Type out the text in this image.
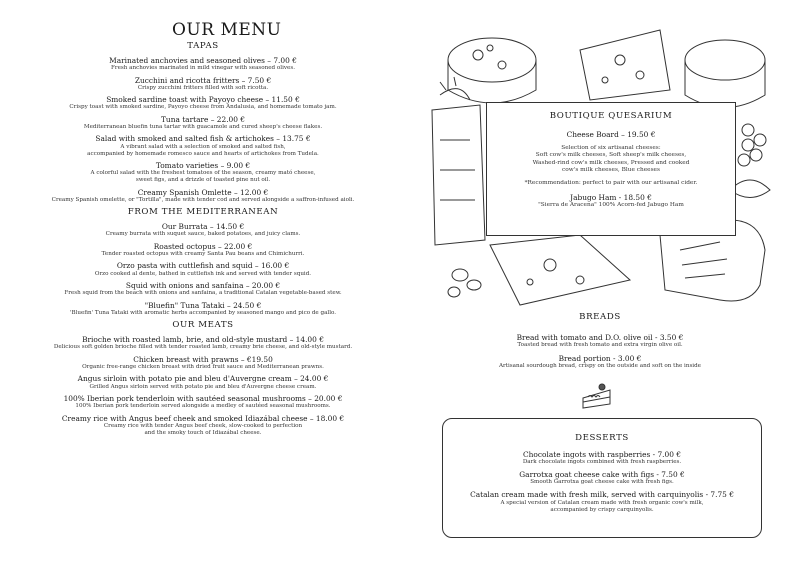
OUR MENU
TAPAS

Marinated anchovies and seasoned olives – 7.00 €

Fresh anchovies marinated in mild vinegar with seasoned olives.

Zucchini and ricotta fritters – 7.50 €

Crispy zucchini fritters filled with soft ricotta.

Smoked sardine toast with Payoyo cheese – 11.50 €

Crispy toast with smoked sardine, Payoyo cheese from Andalusia, and homemade tomato jam.

Tuna tartare – 22.00 €

Mediterranean bluefin tuna tartar with guacamole and cured sheep's cheese flakes.

Salad with smoked and salted fish & artichokes – 13.75 €

A vibrant salad with a selection of smoked and salted fish,

accompanied by homemade romesco sauce and hearts of artichokes from Tudela.

Tomato varieties – 9.00 €

A colorful salad with the freshest tomatoes of the season, creamy mató cheese,

sweet figs, and a drizzle of toasted pine nut oil.

Creamy Spanish Omlette – 12.00 €

Creamy Spanish omelette, or "Tortilla", made with tender cod and served alongside a saffron-infused aioli.

FROM THE MEDITERRANEAN

Our Burrata – 14.50 €

Creamy burrata with suquet sauce, baked potatoes, and juicy clams.

Roasted octopus – 22.00 €

Tender roasted octopus with creamy Santa Pau beans and Chimichurri.

Orzo pasta with cuttlefish and squid – 16.00 €

Orzo cooked al dente, bathed in cuttlefish ink and served with tender squid.

Squid with onions and sanfaina – 20.00 €

Fresh squid from the beach with onions and sanfaina, a traditional Catalan vegetable-based stew.

"Bluefin" Tuna Tataki – 24.50 €

'Bluefin' Tuna Tataki with aromatic herbs accompanied by seasoned mango and pico de gallo.

OUR MEATS

Brioche with roasted lamb, brie, and old-style mustard – 14.00 €

Delicious soft golden brioche filled with tender roasted lamb, creamy brie cheese, and old-style mustard.

Chicken breast with prawns – €19.50

Organic free-range chicken breast with dried fruit sauce and Mediterranean prawns.

Angus sirloin with potato pie and bleu d'Auvergne cream – 24.00 €

Grilled Angus sirloin served with potato pie and bleu d'Auvergne cheese cream.

100% Iberian pork tenderloin with sautéed seasonal mushrooms – 20.00 €

100% Iberian pork tenderloin served alongside a medley of sautéed seasonal mushrooms.

Creamy rice with Angus beef cheek and smoked Idiazábal cheese – 18.00 €

Creamy rice with tender Angus beef cheek, slow-cooked to perfection

and the smoky touch of Idiazábal cheese.

BOUTIQUE QUESARIUM

Cheese Board – 19.50 €

Selection of six artisanal cheeses:

Soft cow's milk cheeses, Soft sheep's milk cheeses,

Washed-rind cow's milk cheeses, Pressed and cooked

cow's milk cheeses, Blue cheeses

*Recommendation: perfect to pair with our artisanal cider.

Jabugo Ham - 18.50 €

"Sierra de Aracena" 100% Acorn-fed Jabugo Ham

BREADS

Bread with tomato and D.O. olive oil - 3.50 €

Toasted bread with fresh tomato and extra virgin olive oil.

Bread portion - 3.00 €

Artisanal sourdough bread, crispy on the outside and soft on the inside

DESSERTS

Chocolate ingots with raspberries - 7.00 €

Dark chocolate ingots combined with fresh raspberries.

Garrotxa goat cheese cake with figs - 7.50 €

Smooth Garrotxa goat cheese cake with fresh figs.

Catalan cream made with fresh milk, served with carquinyolis - 7.75 €

A special version of Catalan cream made with fresh organic cow's milk,

accompanied by crispy carquinyolis.
